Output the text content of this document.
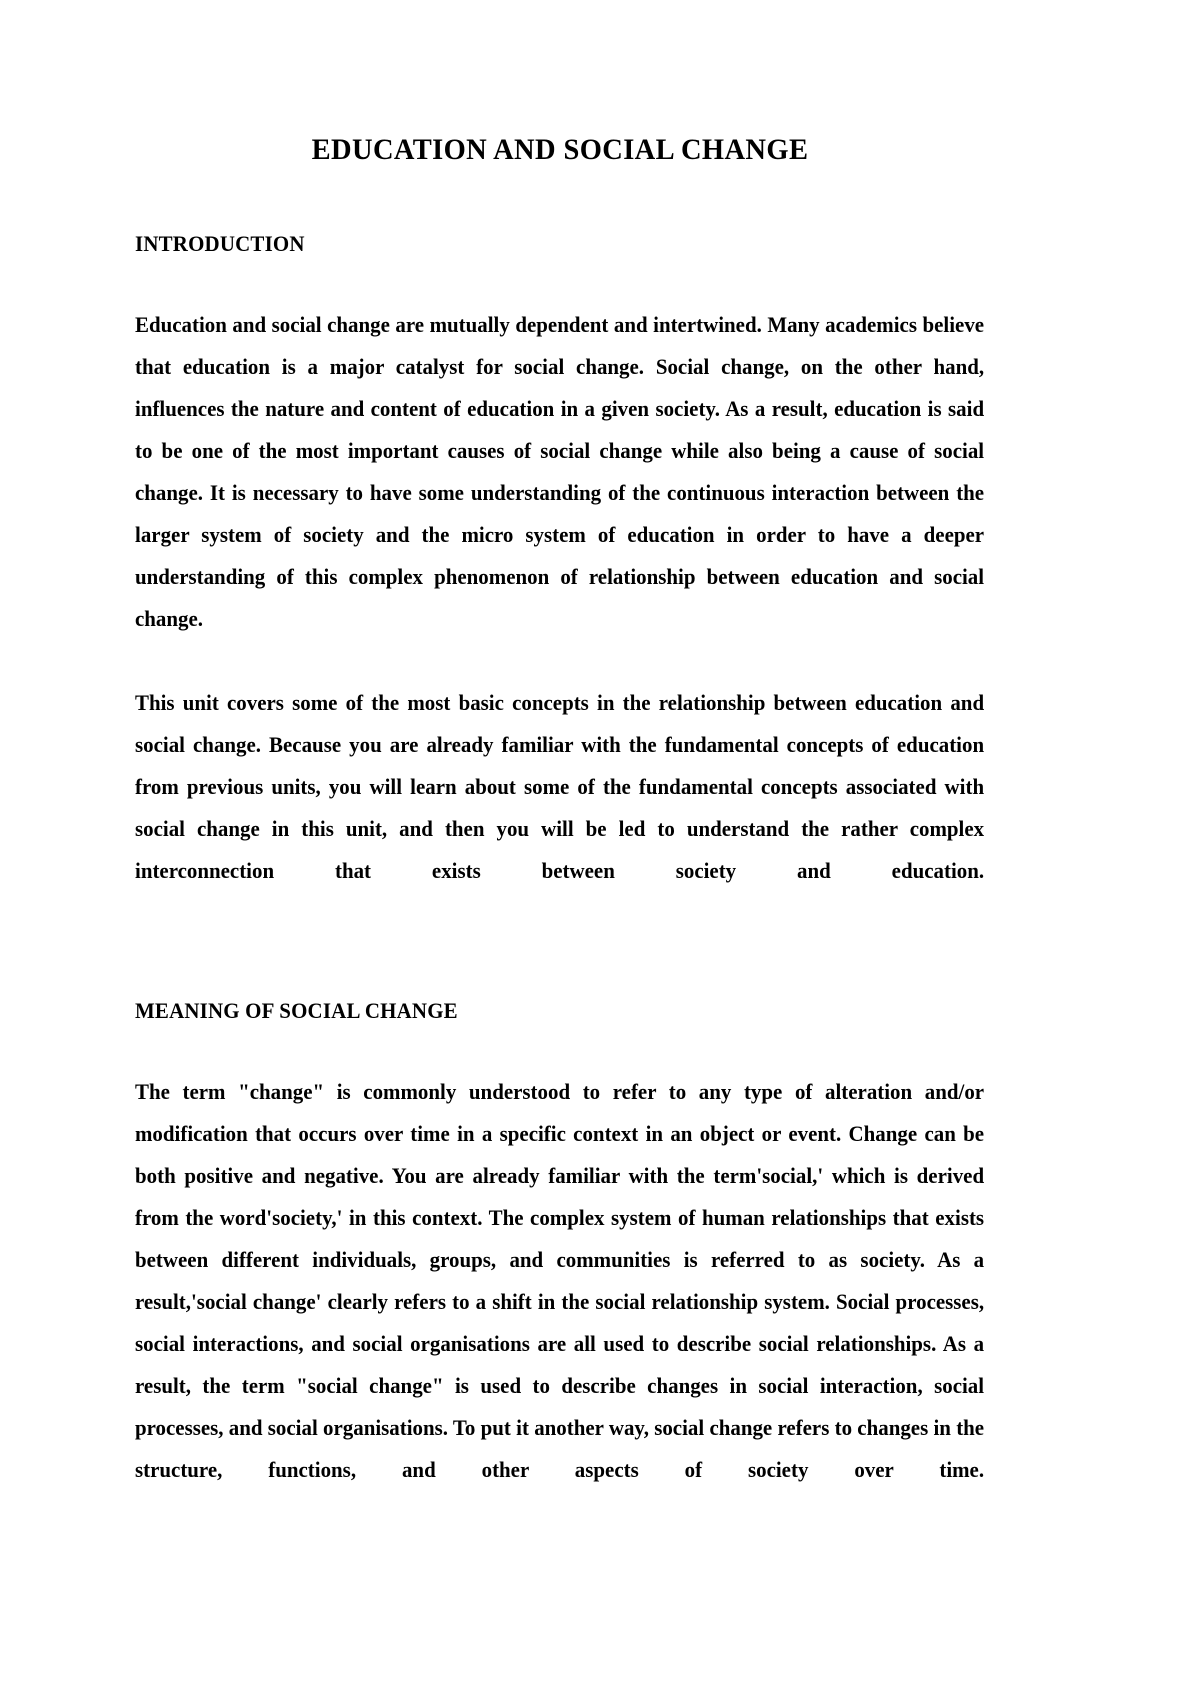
EDUCATION AND SOCIAL CHANGE
INTRODUCTION

Education and social change are mutually dependent and intertwined. Many academics believe that education is a major catalyst for social change. Social change, on the other hand, influences the nature and content of education in a given society. As a result, education is said to be one of the most important causes of social change while also being a cause of social change. It is necessary to have some understanding of the continuous interaction between the larger system of society and the micro system of education in order to have a deeper understanding of this complex phenomenon of relationship between education and social change.

This unit covers some of the most basic concepts in the relationship between education and social change. Because you are already familiar with the fundamental concepts of education from previous units, you will learn about some of the fundamental concepts associated with social change in this unit, and then you will be led to understand the rather complex interconnection that exists between society and education.

MEANING OF SOCIAL CHANGE

The term "change" is commonly understood to refer to any type of alteration and/or modification that occurs over time in a specific context in an object or event. Change can be both positive and negative. You are already familiar with the term'social,' which is derived from the word'society,' in this context. The complex system of human relationships that exists between different individuals, groups, and communities is referred to as society. As a result,'social change' clearly refers to a shift in the social relationship system. Social processes, social interactions, and social organisations are all used to describe social relationships. As a result, the term "social change" is used to describe changes in social interaction, social processes, and social organisations. To put it another way, social change refers to changes in the structure, functions, and other aspects of society over time.
